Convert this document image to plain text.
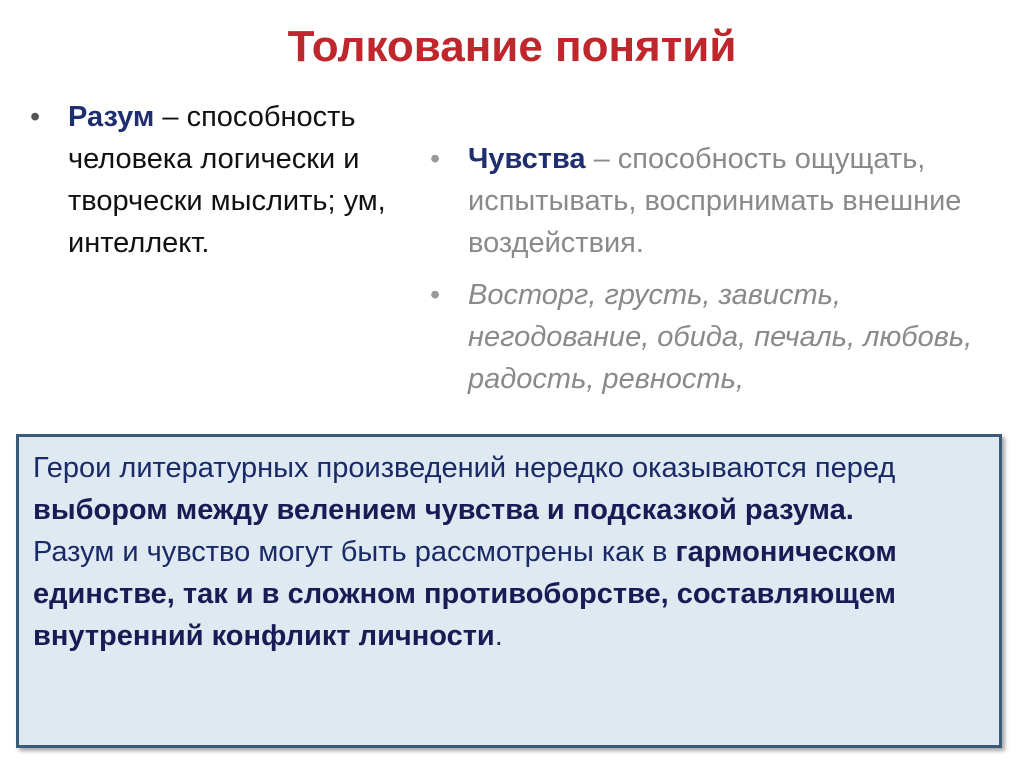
Толкование понятий
• Разум – способность человека логически и творчески мыслить; ум, интеллект.
• Чувства – способность ощущать, испытывать, воспринимать внешние воздействия.
• Восторг, грусть, зависть, негодование, обида, печаль, любовь, радость, ревность,

Герои литературных произведений нередко оказываются перед выбором между велением чувства и подсказкой разума.

Разум и чувство могут быть рассмотрены как в гармоническом единстве, так и в сложном противоборстве, составляющем внутренний конфликт личности.
